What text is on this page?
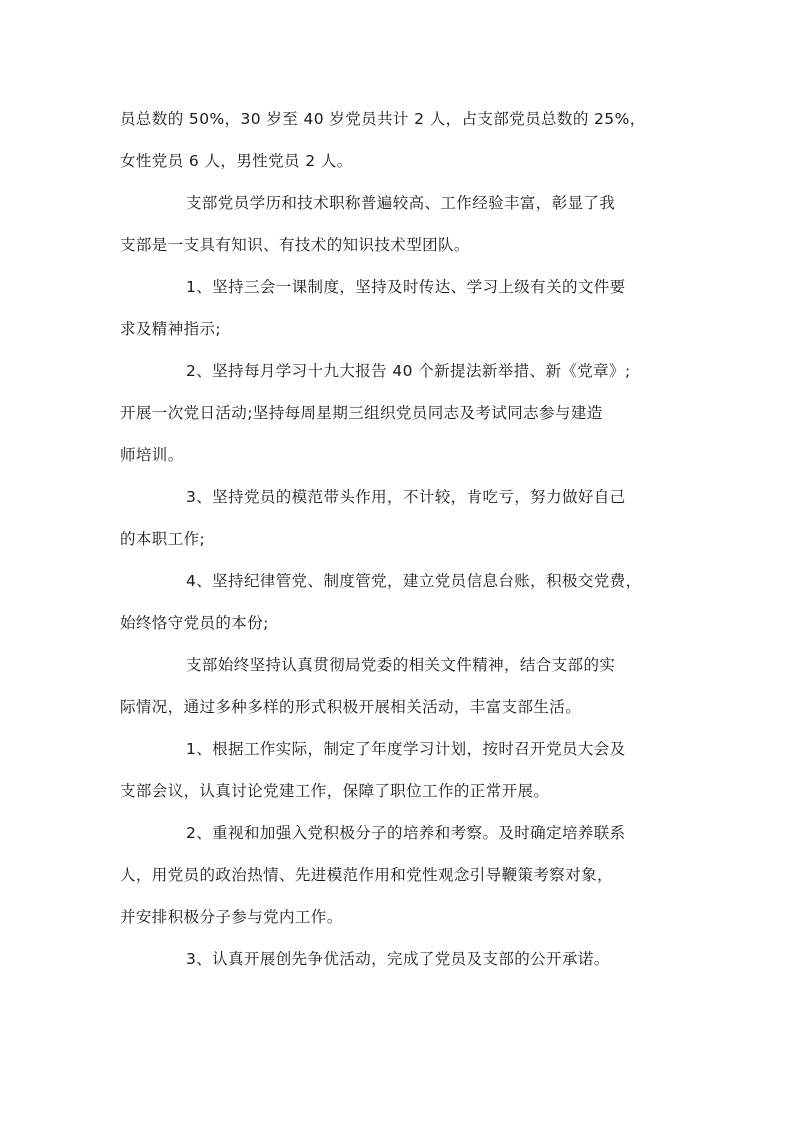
员总数的 50%，30 岁至 40 岁党员共计 2 人，占支部党员总数的 25%，
女性党员 6 人，男性党员 2 人。
支部党员学历和技术职称普遍较高、工作经验丰富，彰显了我
支部是一支具有知识、有技术的知识技术型团队。
1、坚持三会一课制度，坚持及时传达、学习上级有关的文件要
求及精神指示;
2、坚持每月学习十九大报告 40 个新提法新举措、新《党章》;
开展一次党日活动;坚持每周星期三组织党员同志及考试同志参与建造
师培训。
3、坚持党员的模范带头作用，不计较，肯吃亏，努力做好自己
的本职工作;
4、坚持纪律管党、制度管党，建立党员信息台账，积极交党费，
始终恪守党员的本份;
支部始终坚持认真贯彻局党委的相关文件精神，结合支部的实
际情况，通过多种多样的形式积极开展相关活动，丰富支部生活。
1、根据工作实际，制定了年度学习计划，按时召开党员大会及
支部会议，认真讨论党建工作，保障了职位工作的正常开展。
2、重视和加强入党积极分子的培养和考察。及时确定培养联系
人，用党员的政治热情、先进模范作用和党性观念引导鞭策考察对象，
并安排积极分子参与党内工作。
3、认真开展创先争优活动，完成了党员及支部的公开承诺。
